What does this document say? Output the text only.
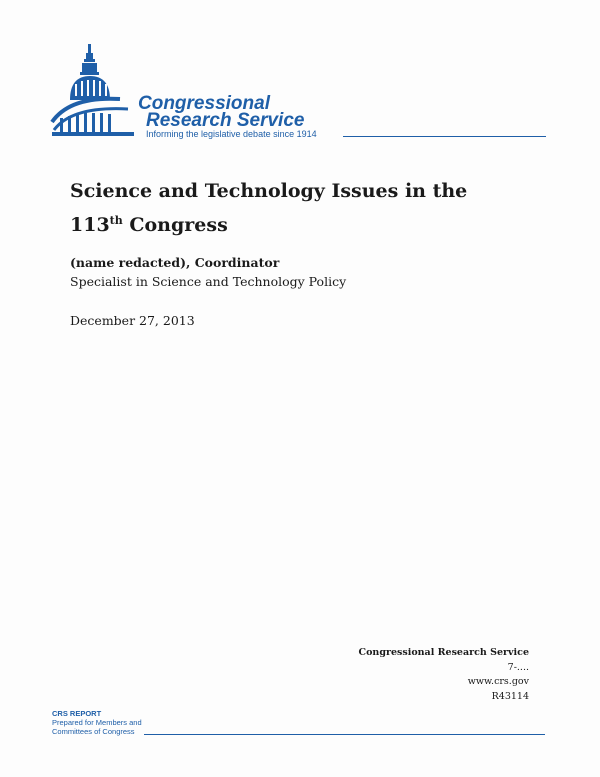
Congressional
Research Service
Informing the legislative debate since 1914
Science and Technology Issues in the
113th Congress
(name redacted), Coordinator
Specialist in Science and Technology Policy
December 27, 2013
Congressional Research Service
7-....
www.crs.gov
R43114
CRS REPORT
Prepared for Members and
Committees of Congress
